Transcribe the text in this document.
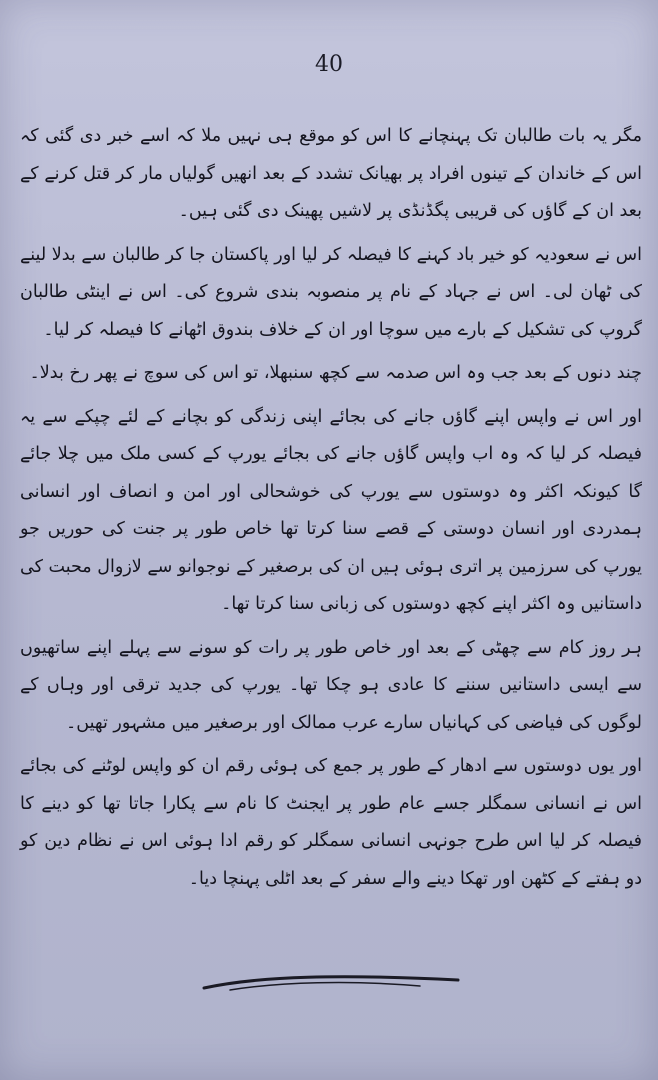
40

مگر یہ بات طالبان تک پہنچانے کا اس کو موقع ہی نہیں ملا کہ اسے خبر دی گئی کہ اس کے خاندان کے تینوں افراد پر بھیانک تشدد کے بعد انھیں گولیاں مار کر قتل کرنے کے بعد ان کے گاؤں کی قریبی پگڈنڈی پر لاشیں پھینک دی گئی ہیں۔

اس نے سعودیہ کو خیر باد کہنے کا فیصلہ کر لیا اور پاکستان جا کر طالبان سے بدلا لینے کی ٹھان لی۔ اس نے جہاد کے نام پر منصوبہ بندی شروع کی۔ اس نے اینٹی طالبان گروپ کی تشکیل کے بارے میں سوچا اور ان کے خلاف بندوق اٹھانے کا فیصلہ کر لیا۔

چند دنوں کے بعد جب وہ اس صدمہ سے کچھ سنبھلا، تو اس کی سوچ نے پھر رخ بدلا۔

اور اس نے واپس اپنے گاؤں جانے کی بجائے اپنی زندگی کو بچانے کے لئے چپکے سے یہ فیصلہ کر لیا کہ وہ اب واپس گاؤں جانے کی بجائے یورپ کے کسی ملک میں چلا جائے گا کیونکہ اکثر وہ دوستوں سے یورپ کی خوشحالی اور امن و انصاف اور انسانی ہمدردی اور انسان دوستی کے قصے سنا کرتا تھا خاص طور پر جنت کی حوریں جو یورپ کی سرزمین پر اتری ہوئی ہیں ان کی برصغیر کے نوجوانو سے لازوال محبت کی داستانیں وہ اکثر اپنے کچھ دوستوں کی زبانی سنا کرتا تھا۔

ہر روز کام سے چھٹی کے بعد اور خاص طور پر رات کو سونے سے پہلے اپنے ساتھیوں سے ایسی داستانیں سننے کا عادی ہو چکا تھا۔ یورپ کی جدید ترقی اور وہاں کے لوگوں کی فیاضی کی کہانیاں سارے عرب ممالک اور برصغیر میں مشہور تھیں۔

اور یوں دوستوں سے ادھار کے طور پر جمع کی ہوئی رقم ان کو واپس لوٹنے کی بجائے اس نے انسانی سمگلر جسے عام طور پر ایجنٹ کا نام سے پکارا جاتا تھا کو دینے کا فیصلہ کر لیا اس طرح جونہی انسانی سمگلر کو رقم ادا ہوئی اس نے نظام دین کو دو ہفتے کے کٹھن اور تھکا دینے والے سفر کے بعد اٹلی پہنچا دیا۔
